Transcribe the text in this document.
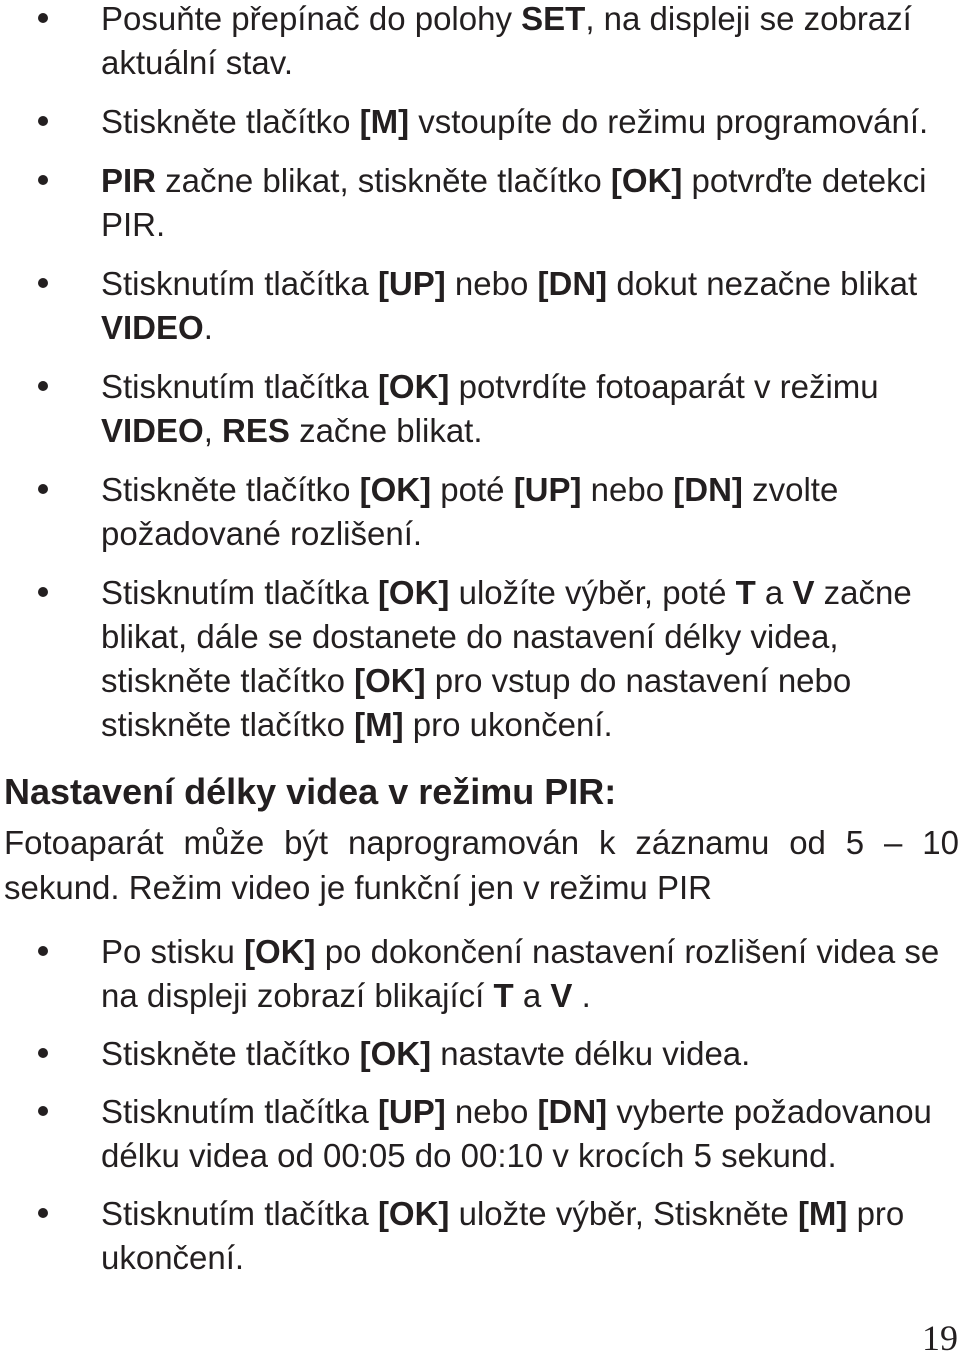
Posuňte přepínač do polohy SET, na displeji se zobrazí aktuální stav.
Stiskněte tlačítko [M] vstoupíte do režimu programování.
PIR začne blikat, stiskněte tlačítko [OK] potvrďte detekci PIR.
Stisknutím tlačítka [UP] nebo [DN] dokut nezačne blikat VIDEO.
Stisknutím tlačítka [OK] potvrdíte fotoaparát v režimu VIDEO, RES začne blikat.
Stiskněte tlačítko [OK] poté [UP] nebo [DN] zvolte požadované rozlišení.
Stisknutím tlačítka [OK] uložíte výběr, poté T a V začne blikat, dále se dostanete do nastavení délky videa, stiskněte tlačítko [OK] pro vstup do nastavení nebo stiskněte tlačítko [M] pro ukončení.
Nastavení délky videa v režimu PIR:

Fotoaparát může být naprogramován k záznamu od 5 – 10 sekund. Režim video je funkční jen v režimu PIR

Po stisku [OK] po dokončení nastavení rozlišení videa se na displeji zobrazí blikající T a V .
Stiskněte tlačítko [OK] nastavte délku videa.
Stisknutím tlačítka [UP] nebo [DN] vyberte požadovanou délku videa od 00:05 do 00:10 v krocích 5 sekund.
Stisknutím tlačítka [OK] uložte výběr, Stiskněte [M] pro ukončení.
19
